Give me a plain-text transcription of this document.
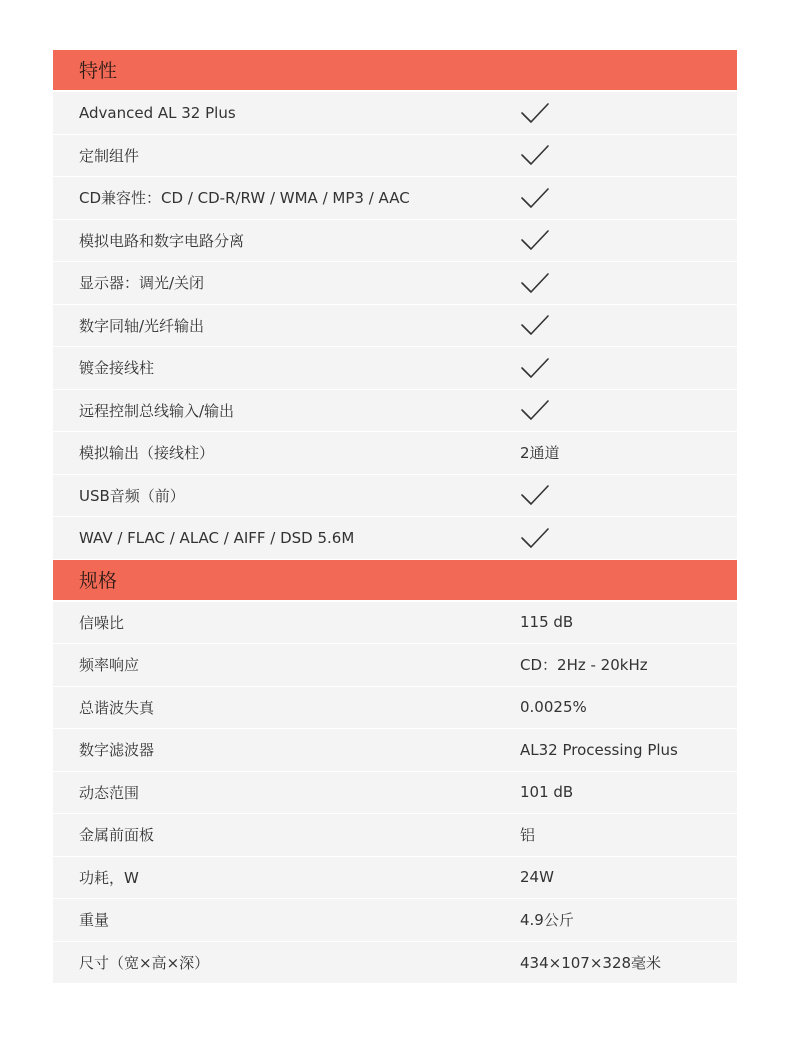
特性
Advanced AL 32 Plus
定制组件
CD兼容性：CD / CD-R/RW / WMA / MP3 / AAC
模拟电路和数字电路分离
显示器：调光/关闭
数字同轴/光纤输出
镀金接线柱
远程控制总线输入/输出
模拟输出（接线柱）	2通道
USB音频（前）
WAV / FLAC / ALAC / AIFF / DSD 5.6M
规格
信噪比	115 dB
频率响应	CD：2Hz - 20kHz
总谐波失真	0.0025%
数字滤波器	AL32 Processing Plus
动态范围	101 dB
金属前面板	铝
功耗，W	24W
重量	4.9公斤
尺寸（宽×高×深）	434×107×328毫米
